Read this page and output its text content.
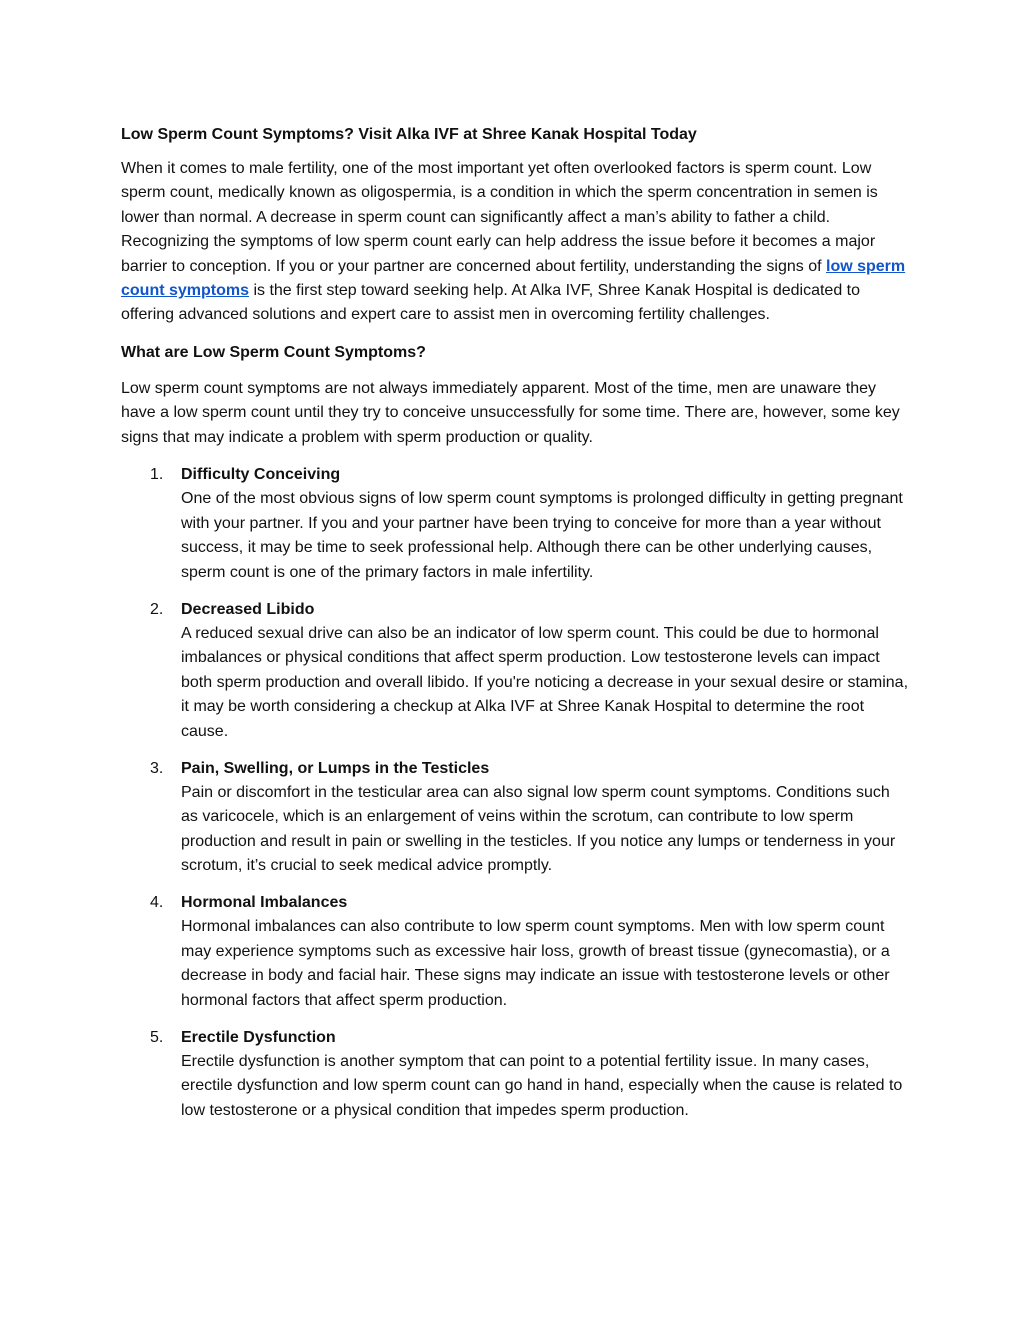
Low Sperm Count Symptoms? Visit Alka IVF at Shree Kanak Hospital Today

When it comes to male fertility, one of the most important yet often overlooked factors is sperm count. Low sperm count, medically known as oligospermia, is a condition in which the sperm concentration in semen is lower than normal. A decrease in sperm count can significantly affect a man’s ability to father a child. Recognizing the symptoms of low sperm count early can help address the issue before it becomes a major barrier to conception. If you or your partner are concerned about fertility, understanding the signs of low sperm count symptoms is the first step toward seeking help. At Alka IVF, Shree Kanak Hospital is dedicated to offering advanced solutions and expert care to assist men in overcoming fertility challenges.

What are Low Sperm Count Symptoms?

Low sperm count symptoms are not always immediately apparent. Most of the time, men are unaware they have a low sperm count until they try to conceive unsuccessfully for some time. There are, however, some key signs that may indicate a problem with sperm production or quality.

1. Difficulty Conceiving
One of the most obvious signs of low sperm count symptoms is prolonged difficulty in getting pregnant with your partner. If you and your partner have been trying to conceive for more than a year without success, it may be time to seek professional help. Although there can be other underlying causes, sperm count is one of the primary factors in male infertility.
2. Decreased Libido
A reduced sexual drive can also be an indicator of low sperm count. This could be due to hormonal imbalances or physical conditions that affect sperm production. Low testosterone levels can impact both sperm production and overall libido. If you're noticing a decrease in your sexual desire or stamina, it may be worth considering a checkup at Alka IVF at Shree Kanak Hospital to determine the root cause.
3. Pain, Swelling, or Lumps in the Testicles
Pain or discomfort in the testicular area can also signal low sperm count symptoms. Conditions such as varicocele, which is an enlargement of veins within the scrotum, can contribute to low sperm production and result in pain or swelling in the testicles. If you notice any lumps or tenderness in your scrotum, it’s crucial to seek medical advice promptly.
4. Hormonal Imbalances
Hormonal imbalances can also contribute to low sperm count symptoms. Men with low sperm count may experience symptoms such as excessive hair loss, growth of breast tissue (gynecomastia), or a decrease in body and facial hair. These signs may indicate an issue with testosterone levels or other hormonal factors that affect sperm production.
5. Erectile Dysfunction
Erectile dysfunction is another symptom that can point to a potential fertility issue. In many cases, erectile dysfunction and low sperm count can go hand in hand, especially when the cause is related to low testosterone or a physical condition that impedes sperm production.
